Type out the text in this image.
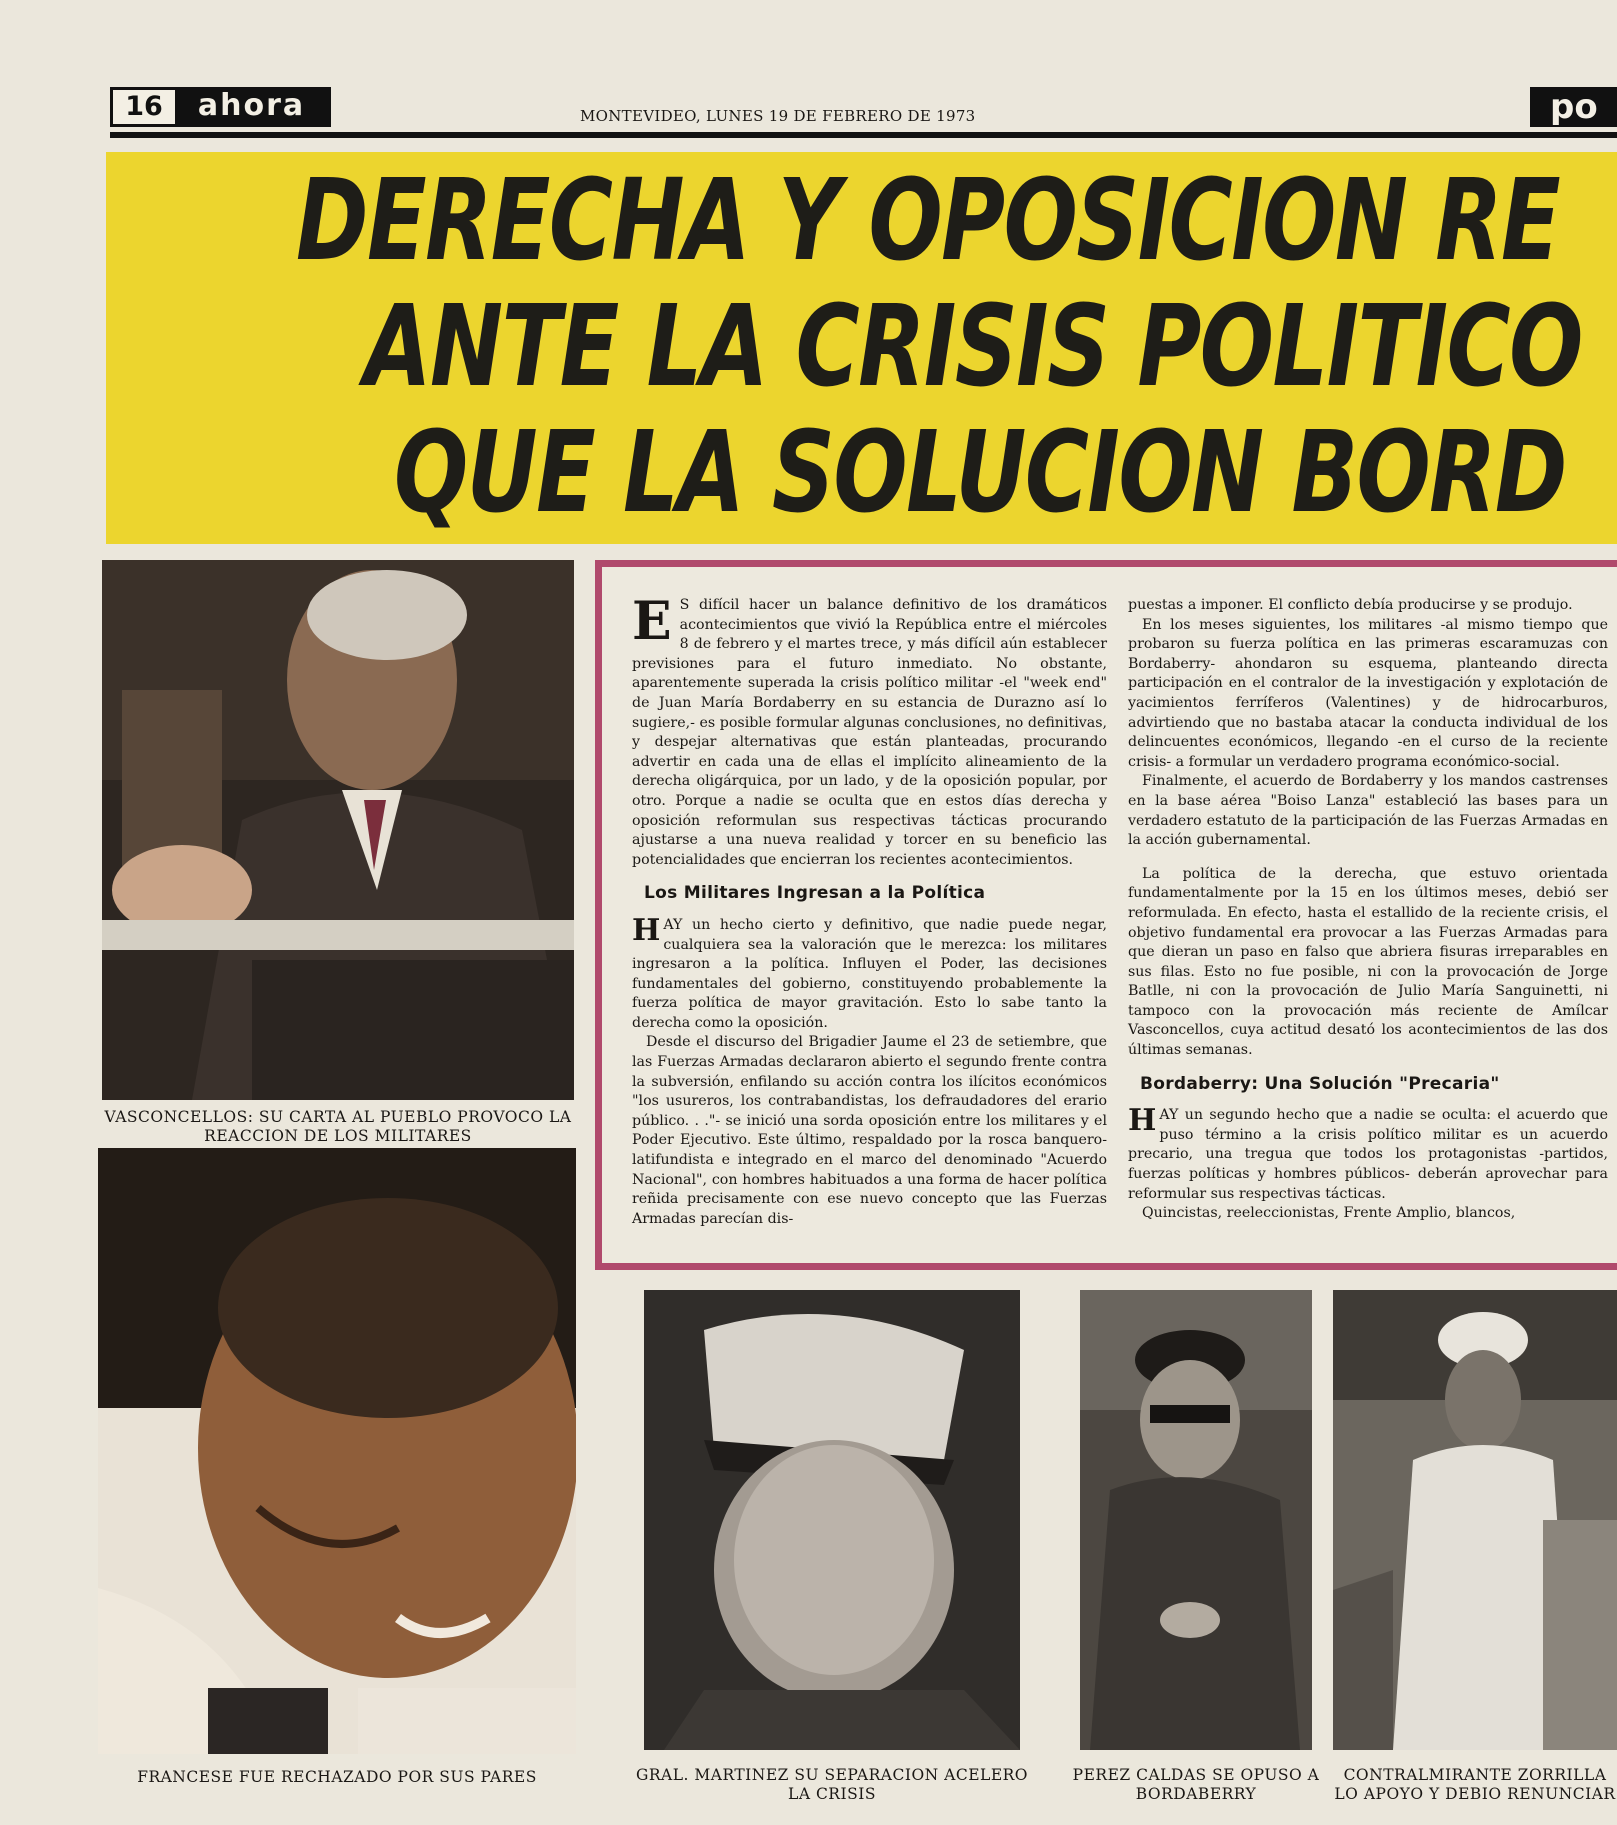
16	ahora	MONTEVIDEO, LUNES 19 DE FEBRERO DE 1973	po
DERECHA Y OPOSICION RE
ANTE LA CRISIS POLITICO
QUE LA SOLUCION BORD
VASCONCELLOS: SU CARTA AL PUEBLO PROVOCO LA REACCION DE LOS MILITARES
FRANCESE FUE RECHAZADO POR SUS PARES

E S difícil hacer un balance definitivo de los dramáticos acontecimientos que vivió la República entre el miércoles 8 de febrero y el martes trece, y más difícil aún establecer previsiones para el futuro inmediato. No obstante, aparentemente superada la crisis político militar -el "week end" de Juan María Bordaberry en su estancia de Durazno así lo sugiere,- es posible formular algunas conclusiones, no definitivas, y despejar alternativas que están planteadas, procurando advertir en cada una de ellas el implícito alineamiento de la derecha oligárquica, por un lado, y de la oposición popular, por otro. Porque a nadie se oculta que en estos días derecha y oposición reformulan sus respectivas tácticas procurando ajustarse a una nueva realidad y torcer en su beneficio las potencialidades que encierran los recientes acontecimientos.

Los Militares Ingresan a la Política

HAY un hecho cierto y definitivo, que nadie puede negar, cualquiera sea la valoración que le merezca: los militares ingresaron a la política. Influyen el Poder, las decisiones fundamentales del gobierno, constituyendo probablemente la fuerza política de mayor gravitación. Esto lo sabe tanto la derecha como la oposición.

Desde el discurso del Brigadier Jaume el 23 de setiembre, que las Fuerzas Armadas declararon abierto el segundo frente contra la subversión, enfilando su acción contra los ilícitos económicos "los usureros, los contrabandistas, los defraudadores del erario público. . ."- se inició una sorda oposición entre los militares y el Poder Ejecutivo. Este último, respaldado por la rosca banquero-latifundista e integrado en el marco del denominado "Acuerdo Nacional", con hombres habituados a una forma de hacer política reñida precisamente con ese nuevo concepto que las Fuerzas Armadas parecían dis-

puestas a imponer. El conflicto debía producirse y se produjo.

En los meses siguientes, los militares -al mismo tiempo que probaron su fuerza política en las primeras escaramuzas con Bordaberry- ahondaron su esquema, planteando directa participación en el contralor de la investigación y explotación de yacimientos ferríferos (Valentines) y de hidrocarburos, advirtiendo que no bastaba atacar la conducta individual de los delincuentes económicos, llegando -en el curso de la reciente crisis- a formular un verdadero programa económico-social.

Finalmente, el acuerdo de Bordaberry y los mandos castrenses en la base aérea "Boiso Lanza" estableció las bases para un verdadero estatuto de la participación de las Fuerzas Armadas en la acción gubernamental.

La política de la derecha, que estuvo orientada fundamentalmente por la 15 en los últimos meses, debió ser reformulada. En efecto, hasta el estallido de la reciente crisis, el objetivo fundamental era provocar a las Fuerzas Armadas para que dieran un paso en falso que abriera fisuras irreparables en sus filas. Esto no fue posible, ni con la provocación de Jorge Batlle, ni con la provocación de Julio María Sanguinetti, ni tampoco con la provocación más reciente de Amílcar Vasconcellos, cuya actitud desató los acontecimientos de las dos últimas semanas.

Bordaberry: Una Solución "Precaria"

HAY un segundo hecho que a nadie se oculta: el acuerdo que puso término a la crisis político militar es un acuerdo precario, una tregua que todos los protagonistas -partidos, fuerzas políticas y hombres públicos- deberán aprovechar para reformular sus respectivas tácticas.

Quincistas, reeleccionistas, Frente Amplio, blancos,

GRAL. MARTINEZ SU SEPARACION ACELERO LA CRISIS
PEREZ CALDAS SE OPUSO A BORDABERRY
CONTRALMIRANTE ZORRILLA LO APOYO Y DEBIO RENUNCIAR
